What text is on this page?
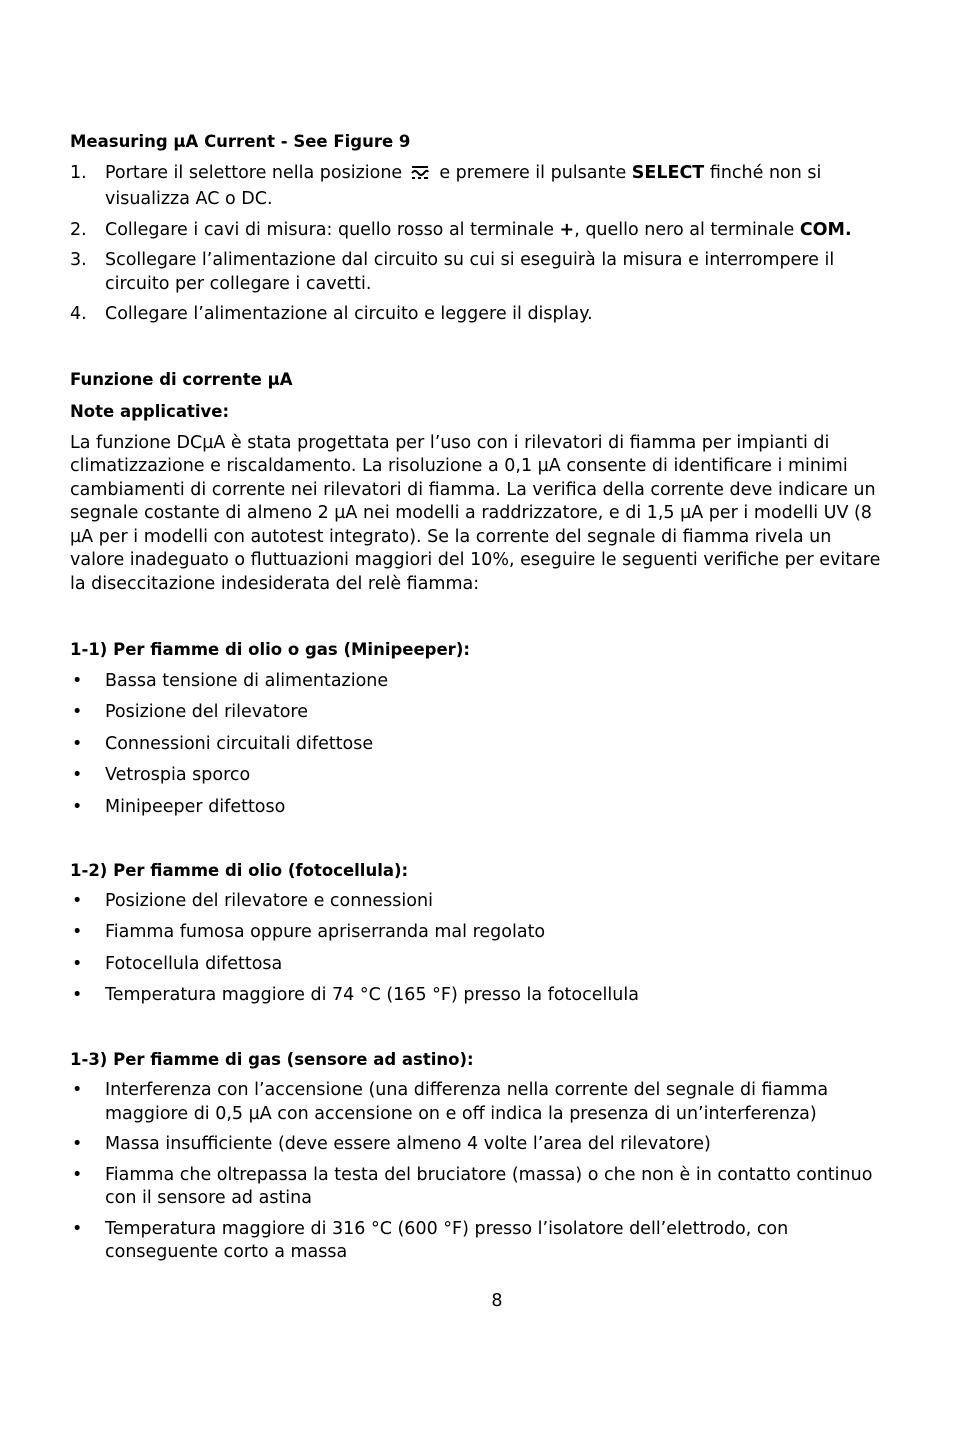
Measuring µA Current - See Figure 9

1. Portare il selettore nella posizione  e premere il pulsante SELECT finché non si visualizza AC o DC.
2. Collegare i cavi di misura: quello rosso al terminale +, quello nero al terminale COM.
3. Scollegare l’alimentazione dal circuito su cui si eseguirà la misura e interrompere il circuito per collegare i cavetti.
4. Collegare l’alimentazione al circuito e leggere il display.

Funzione di corrente µA

Note applicative:

La funzione DCµA è stata progettata per l’uso con i rilevatori di fiamma per impianti di climatizzazione e riscaldamento. La risoluzione a 0,1 µA consente di identificare i minimi cambiamenti di corrente nei rilevatori di fiamma. La verifica della corrente deve indicare un segnale costante di almeno 2 µA nei modelli a raddrizzatore, e di 1,5 µA per i modelli UV (8 µA per i modelli con autotest integrato). Se la corrente del segnale di fiamma rivela un valore inadeguato o fluttuazioni maggiori del 10%, eseguire le seguenti verifiche per evitare la diseccitazione indesiderata del relè fiamma:

1-1) Per fiamme di olio o gas (Minipeeper):

• Bassa tensione di alimentazione
• Posizione del rilevatore
• Connessioni circuitali difettose
• Vetrospia sporco
• Minipeeper difettoso

1-2) Per fiamme di olio (fotocellula):

• Posizione del rilevatore e connessioni
• Fiamma fumosa oppure apriserranda mal regolato
• Fotocellula difettosa
• Temperatura maggiore di 74 °C (165 °F) presso la fotocellula

1-3) Per fiamme di gas (sensore ad astino):

• Interferenza con l’accensione (una differenza nella corrente del segnale di fiamma maggiore di 0,5 µA con accensione on e off indica la presenza di un’interferenza)
• Massa insufficiente (deve essere almeno 4 volte l’area del rilevatore)
• Fiamma che oltrepassa la testa del bruciatore (massa) o che non è in contatto continuo con il sensore ad astina
• Temperatura maggiore di 316 °C (600 °F) presso l’isolatore dell’elettrodo, con conseguente corto a massa
8
